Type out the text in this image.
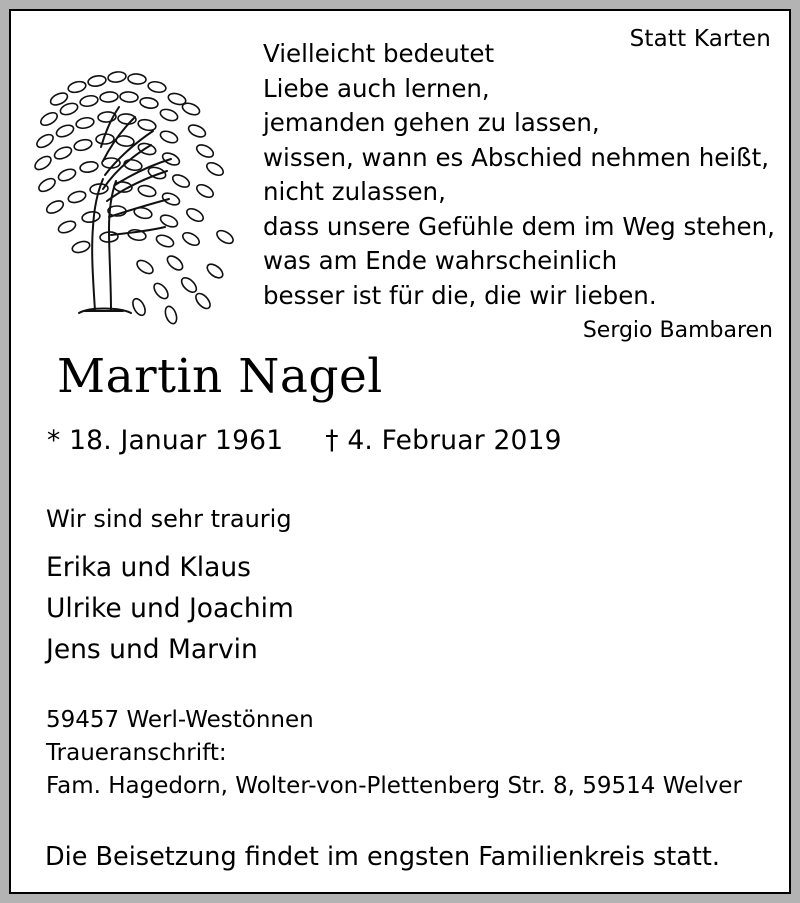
Statt Karten
Vielleicht bedeutet
Liebe auch lernen,
jemanden gehen zu lassen,
wissen, wann es Abschied nehmen heißt,
nicht zulassen,
dass unsere Gefühle dem im Weg stehen,
was am Ende wahrscheinlich
besser ist für die, die wir lieben.
Sergio Bambaren
Martin Nagel
* 18. Januar 1961 † 4. Februar 2019
Wir sind sehr traurig
Erika und Klaus
Ulrike und Joachim
Jens und Marvin
59457 Werl-Westönnen
Traueranschrift:
Fam. Hagedorn, Wolter-von-Plettenberg Str. 8, 59514 Welver
Die Beisetzung findet im engsten Familienkreis statt.
